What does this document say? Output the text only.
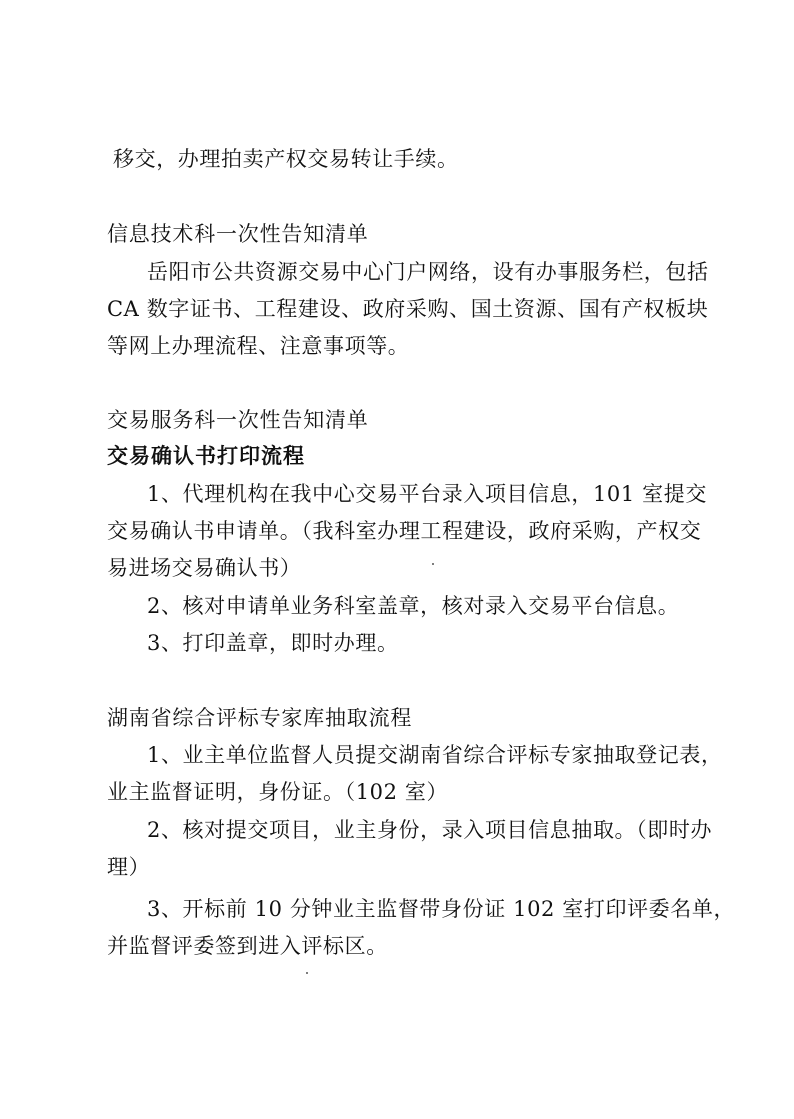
移交，办理拍卖产权交易转让手续。
信息技术科一次性告知清单
岳阳市公共资源交易中心门户网络，设有办事服务栏，包括
CA 数字证书、工程建设、政府采购、国土资源、国有产权板块
等网上办理流程、注意事项等。
交易服务科一次性告知清单
交易确认书打印流程
1、代理机构在我中心交易平台录入项目信息，101 室提交
交易确认书申请单。（我科室办理工程建设，政府采购，产权交
易进场交易确认书）
2、核对申请单业务科室盖章，核对录入交易平台信息。
3、打印盖章，即时办理。
湖南省综合评标专家库抽取流程
1、业主单位监督人员提交湖南省综合评标专家抽取登记表，
业主监督证明，身份证。（102 室）
2、核对提交项目，业主身份，录入项目信息抽取。（即时办
理）
3、开标前 10 分钟业主监督带身份证 102 室打印评委名单，
并监督评委签到进入评标区。
